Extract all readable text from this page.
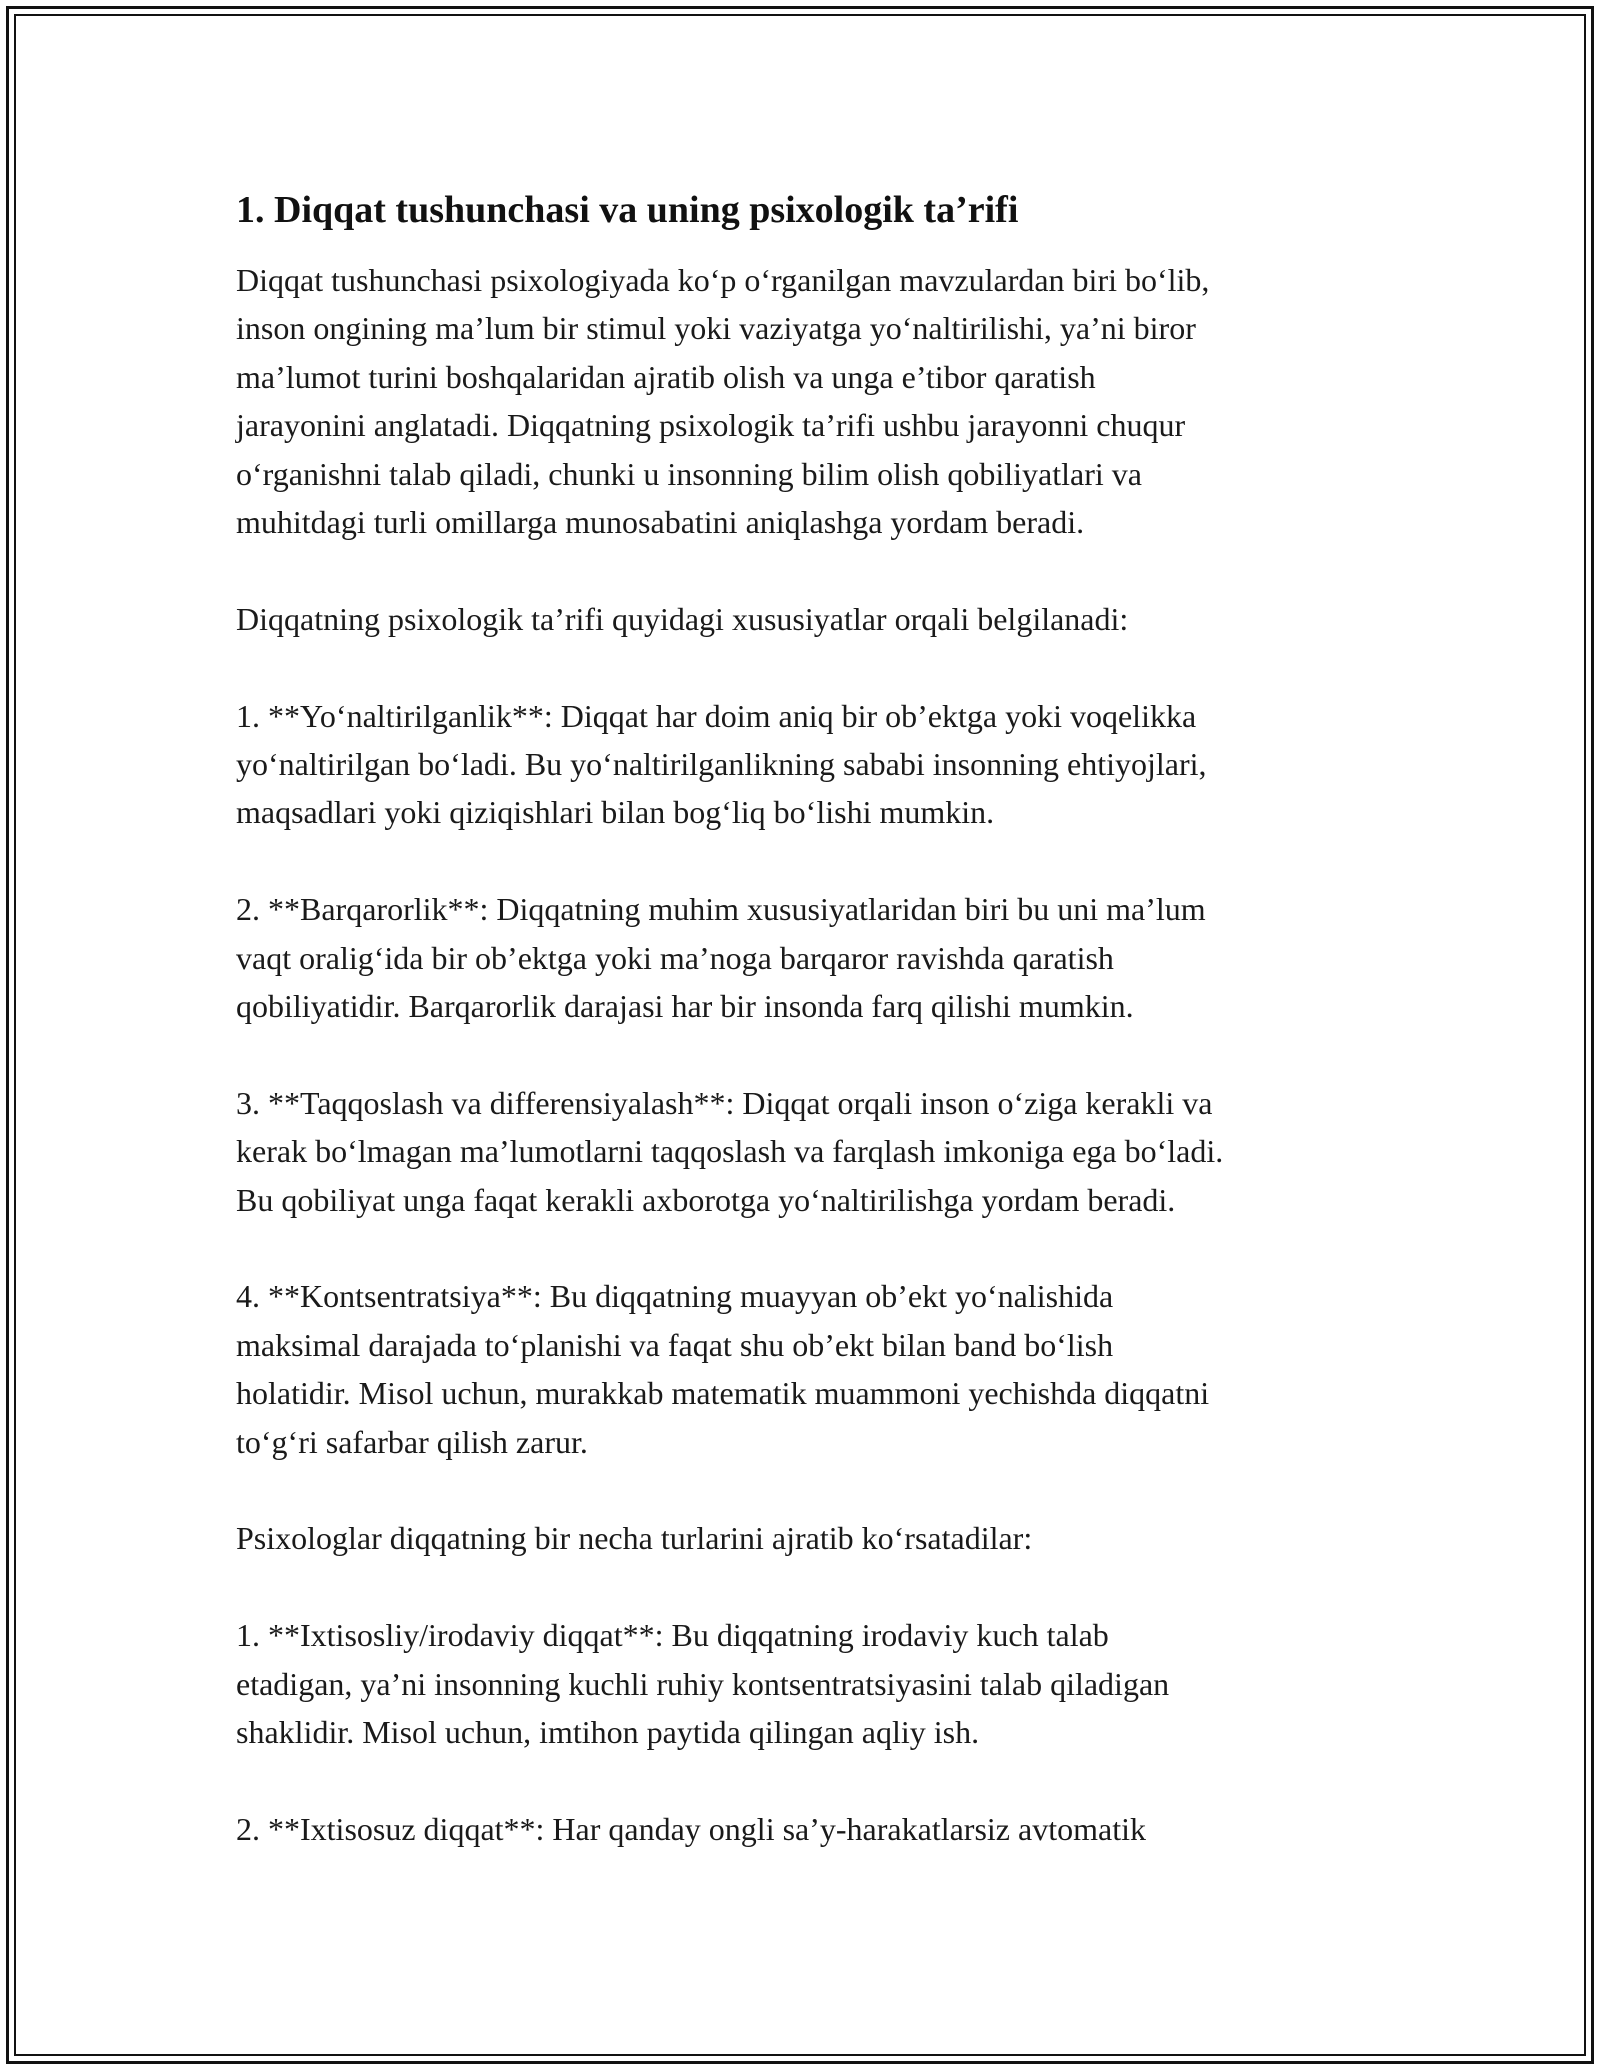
1. Diqqat tushunchasi va uning psixologik ta’rifi

Diqqat tushunchasi psixologiyada ko‘p o‘rganilgan mavzulardan biri bo‘lib,
inson ongining ma’lum bir stimul yoki vaziyatga yo‘naltirilishi, ya’ni biror
ma’lumot turini boshqalaridan ajratib olish va unga e’tibor qaratish
jarayonini anglatadi. Diqqatning psixologik ta’rifi ushbu jarayonni chuqur
o‘rganishni talab qiladi, chunki u insonning bilim olish qobiliyatlari va
muhitdagi turli omillarga munosabatini aniqlashga yordam beradi.

Diqqatning psixologik ta’rifi quyidagi xususiyatlar orqali belgilanadi:

1. **Yo‘naltirilganlik**: Diqqat har doim aniq bir ob’ektga yoki voqelikka
yo‘naltirilgan bo‘ladi. Bu yo‘naltirilganlikning sababi insonning ehtiyojlari,
maqsadlari yoki qiziqishlari bilan bog‘liq bo‘lishi mumkin.

2. **Barqarorlik**: Diqqatning muhim xususiyatlaridan biri bu uni ma’lum
vaqt oralig‘ida bir ob’ektga yoki ma’noga barqaror ravishda qaratish
qobiliyatidir. Barqarorlik darajasi har bir insonda farq qilishi mumkin.

3. **Taqqoslash va differensiyalash**: Diqqat orqali inson o‘ziga kerakli va
kerak bo‘lmagan ma’lumotlarni taqqoslash va farqlash imkoniga ega bo‘ladi.
Bu qobiliyat unga faqat kerakli axborotga yo‘naltirilishga yordam beradi.

4. **Kontsentratsiya**: Bu diqqatning muayyan ob’ekt yo‘nalishida
maksimal darajada to‘planishi va faqat shu ob’ekt bilan band bo‘lish
holatidir. Misol uchun, murakkab matematik muammoni yechishda diqqatni
to‘g‘ri safarbar qilish zarur.

Psixologlar diqqatning bir necha turlarini ajratib ko‘rsatadilar:

1. **Ixtisosliy/irodaviy diqqat**: Bu diqqatning irodaviy kuch talab
etadigan, ya’ni insonning kuchli ruhiy kontsentratsiyasini talab qiladigan
shaklidir. Misol uchun, imtihon paytida qilingan aqliy ish.

2. **Ixtisosuz diqqat**: Har qanday ongli sa’y-harakatlarsiz avtomatik
